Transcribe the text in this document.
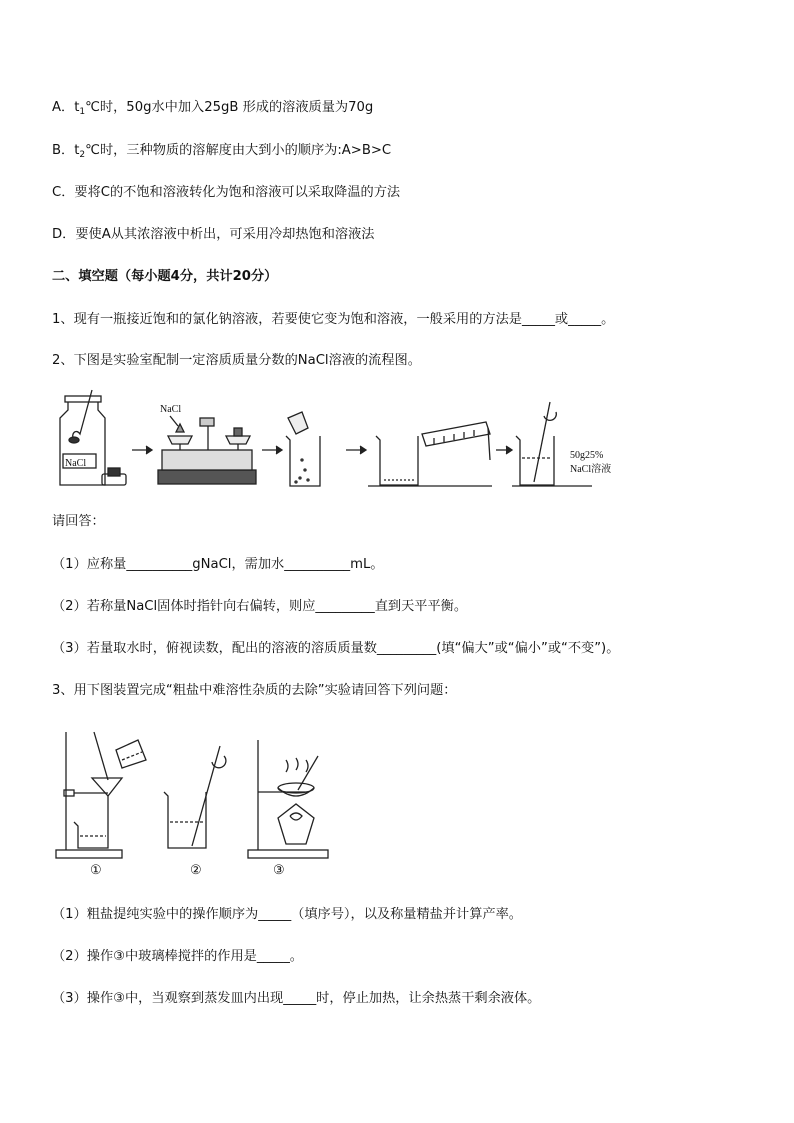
A．$t_1℃$时，50g水中加入25gB 形成的溶液质量为70g
B．$t_2℃$时，三种物质的溶解度由大到小的顺序为:A>B>C
C．要将C的不饱和溶液转化为饱和溶液可以采取降温的方法
D．要使A从其浓溶液中析出，可采用冷却热饱和溶液法
二、填空题（每小题4分，共计20分）
1、现有一瓶接近饱和的氯化钠溶液，若要使它变为饱和溶液，一般采用的方法是_____或_____。
2、下图是实验室配制一定溶质质量分数的NaCl溶液的流程图。
NaCl
NaCl
50g25%
NaCl溶液
请回答：
（1）应称量__________gNaCl，需加水__________mL。
（2）若称量NaCl固体时指针向右偏转，则应_________直到天平平衡。
（3）若量取水时，俯视读数，配出的溶液的溶质质量数_________(填“偏大”或“偏小”或“不变”)。
3、用下图装置完成“粗盐中难溶性杂质的去除”实验请回答下列问题：
①	②	③
（1）粗盐提纯实验中的操作顺序为_____（填序号），以及称量精盐并计算产率。
（2）操作③中玻璃棒搅拌的作用是_____。
（3）操作③中，当观察到蒸发皿内出现_____时，停止加热，让余热蒸干剩余液体。
